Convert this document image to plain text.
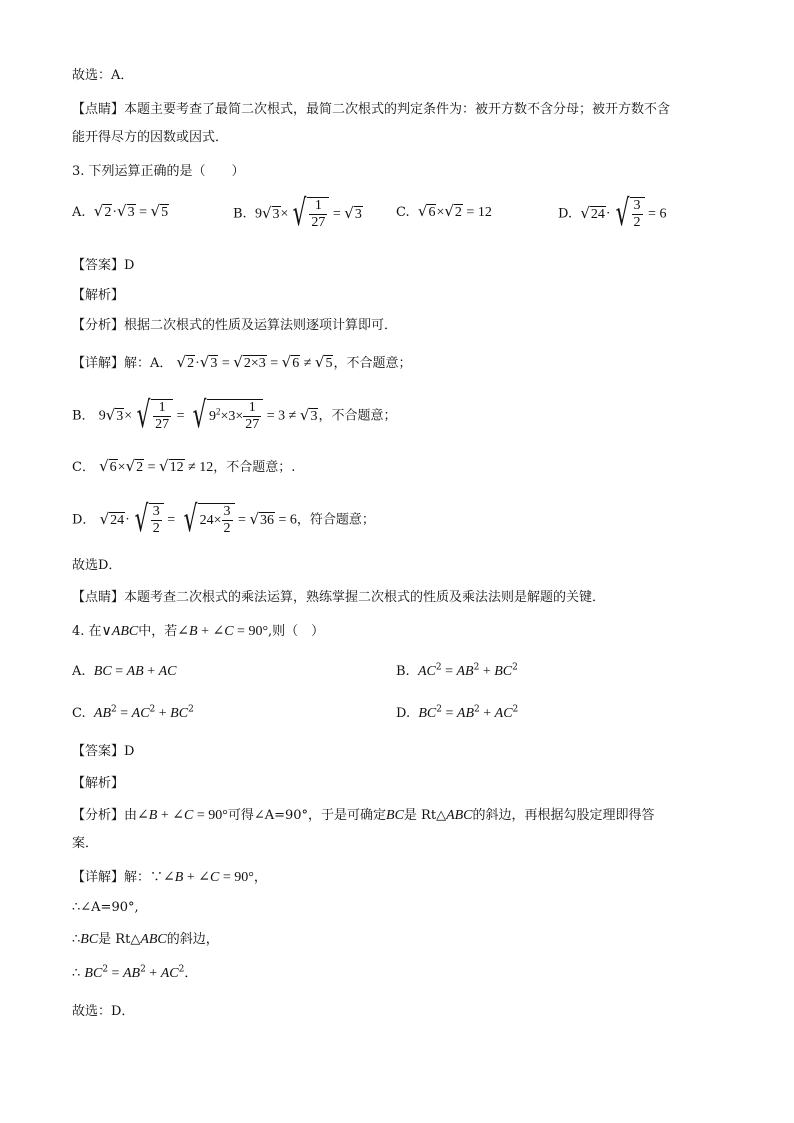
故选：A．
【点睛】本题主要考查了最简二次根式，最简二次根式的判定条件为：被开方数不含分母；被开方数不含
能开得尽方的因数或因式．
3. 下列运算正确的是（　　）
A. √2·√3 = √5	B. 9√3× √ $\frac{1}{27} = √3$	C. √6×√2 = 12	D. √24· √ $\frac{3}{2} = 6$
【答案】D
【解析】
【分析】根据二次根式的性质及运算法则逐项计算即可．
【详解】解：A． √2·√3 = √2×3 = √6 ≠ √5，不合题意；
B． 9√3× √ $\frac{1}{27}$ = √ $9^2\times 3\times \frac{1}{27} = 3 \ne √3$，不合题意；
C． √6×√2 = √12 ≠ 12，不合题意；.
D． √24· √ $\frac{3}{2}$ = √ $24\times \frac{3}{2} = √36 = 6$，符合题意；
故选D．
【点睛】本题考查二次根式的乘法运算，熟练掌握二次根式的性质及乘法法则是解题的关键．
4. 在∨ABC中，若∠B + ∠C = 90°,则（　）
A. BC = AB + AC	B. $AC^2 = AB^2 + BC^2$
C. $AB^2 = AC^2 + BC^2$	D. $BC^2 = AB^2 + AC^2$
【答案】D
【解析】
【分析】由∠B + ∠C = 90°可得∠A=90°，于是可确定BC是 Rt△ABC的斜边，再根据勾股定理即得答
案．
【详解】解：∵∠B + ∠C = 90°，
∴∠A=90°,
∴BC是 Rt△ABC的斜边，
∴ $BC^2 = AB^2 + AC^2$．
故选：D．
